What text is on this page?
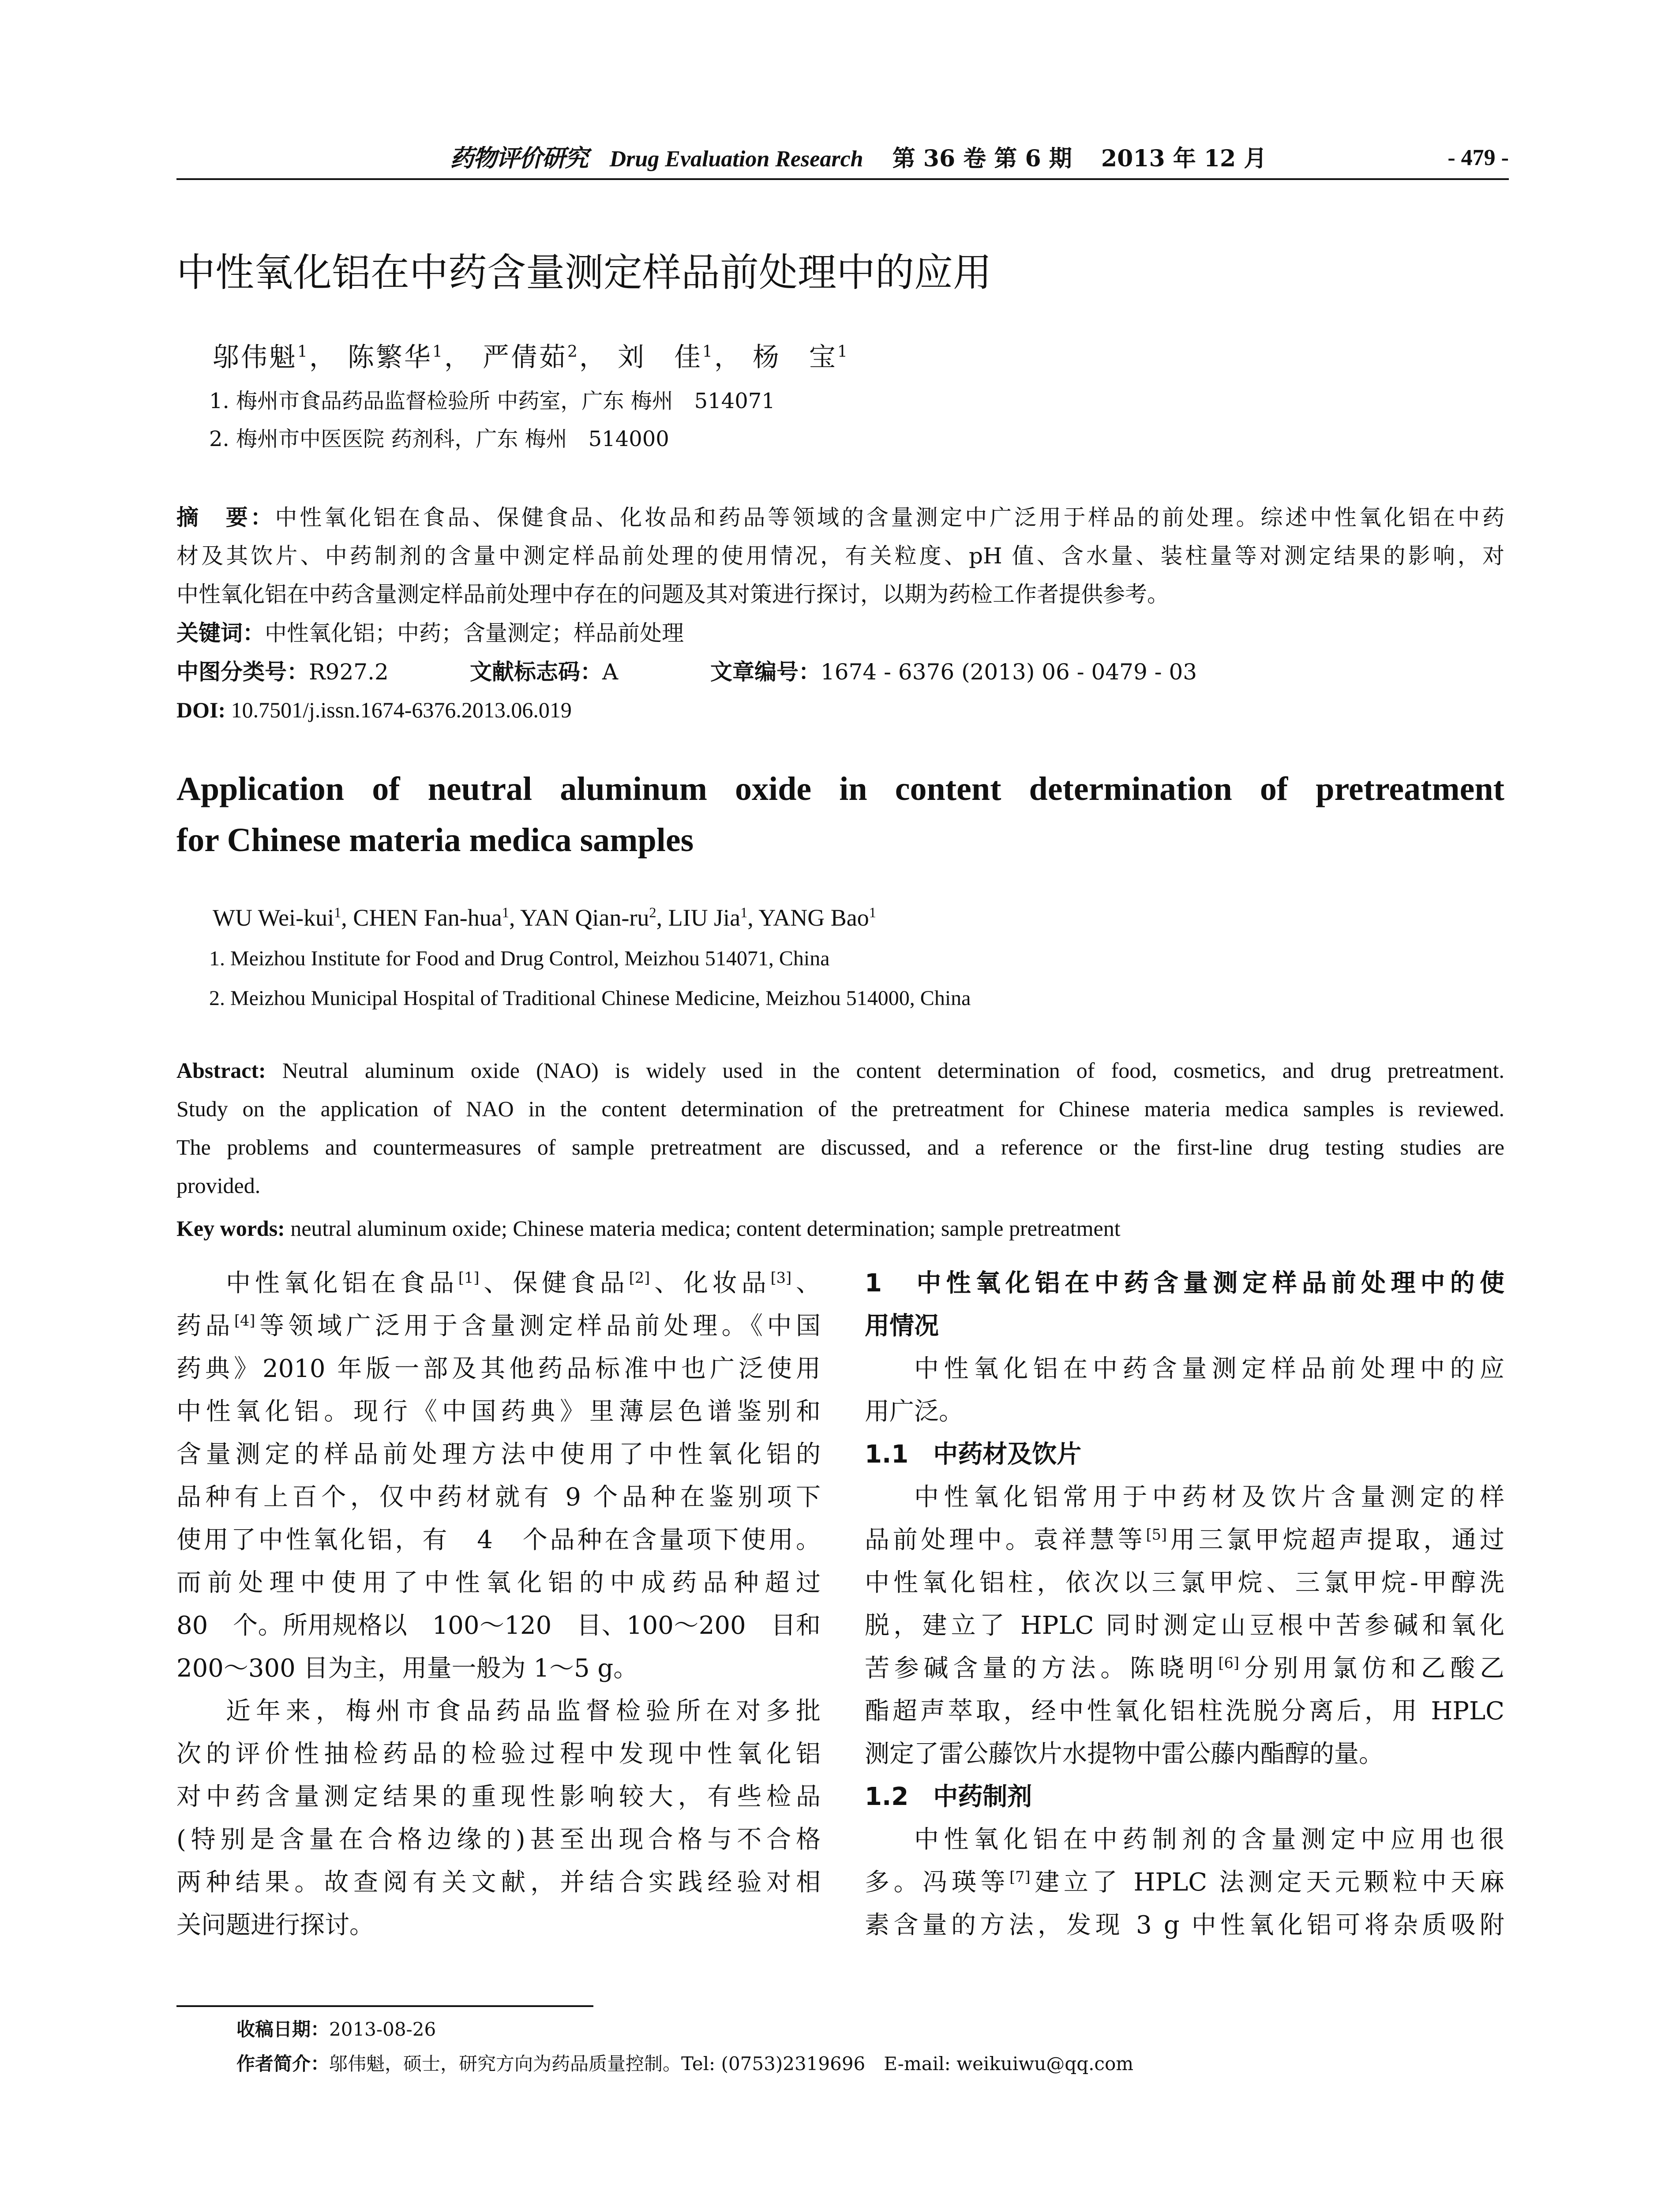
药物评价研究 Drug Evaluation Research 第 36 卷 第 6 期 2013 年 12 月	- 479 -
中性氧化铝在中药含量测定样品前处理中的应用
邬伟魁$^1$， 陈繁华$^1$， 严倩茹$^2$， 刘　佳$^1$， 杨　宝$^1$
1. 梅州市食品药品监督检验所 中药室，广东 梅州　514071
2. 梅州市中医医院 药剂科，广东 梅州　514000
摘　要：中性氧化铝在食品、保健食品、化妆品和药品等领域的含量测定中广泛用于样品的前处理。综述中性氧化铝在中药
材及其饮片、中药制剂的含量中测定样品前处理的使用情况，有关粒度、pH 值、含水量、装柱量等对测定结果的影响，对
中性氧化铝在中药含量测定样品前处理中存在的问题及其对策进行探讨，以期为药检工作者提供参考。
关键词：中性氧化铝；中药；含量测定；样品前处理
中图分类号：R927.2	文献标志码：A	文章编号：1674 - 6376 (2013) 06 - 0479 - 03
DOI: 10.7501/j.issn.1674-6376.2013.06.019
Application of neutral aluminum oxide in content determination of pretreatment
for Chinese materia medica samples
WU Wei-kui$^1$, CHEN Fan-hua$^1$, YAN Qian-$ru^2$, LIU Jia$^1$, YANG Bao$^1$
1. Meizhou Institute for Food and Drug Control, Meizhou 514071, China
2. Meizhou Municipal Hospital of Traditional Chinese Medicine, Meizhou 514000, China
Abstract: Neutral aluminum oxide (NAO) is widely used in the content determination of food, cosmetics, and drug pretreatment.
Study on the application of NAO in the content determination of the pretreatment for Chinese materia medica samples is reviewed.
The problems and countermeasures of sample pretreatment are discussed, and a reference or the first-line drug testing studies are
provided.
Key words: neutral aluminum oxide; Chinese materia medica; content determination; sample pretreatment
中性氧化铝在食品[1]、保健食品[2]、化妆品[3]、
药品[4]等领域广泛用于含量测定样品前处理。《中国
药典》2010 年版一部及其他药品标准中也广泛使用
中性氧化铝。现行《中国药典》里薄层色谱鉴别和
含量测定的样品前处理方法中使用了中性氧化铝的
品种有上百个，仅中药材就有 9 个品种在鉴别项下
使用了中性氧化铝，有　4　个品种在含量项下使用。
而前处理中使用了中性氧化铝的中成药品种超过
80　个。所用规格以　100～120　目、100～200　目和
200～300 目为主，用量一般为 1～5 g。
近年来，梅州市食品药品监督检验所在对多批
次的评价性抽检药品的检验过程中发现中性氧化铝
对中药含量测定结果的重现性影响较大，有些检品
(特别是含量在合格边缘的)甚至出现合格与不合格
两种结果。故查阅有关文献，并结合实践经验对相
关问题进行探讨。
1　中性氧化铝在中药含量测定样品前处理中的使
用情况
中性氧化铝在中药含量测定样品前处理中的应
用广泛。
1.1　中药材及饮片
中性氧化铝常用于中药材及饮片含量测定的样
品前处理中。袁祥慧等[5]用三氯甲烷超声提取，通过
中性氧化铝柱，依次以三氯甲烷、三氯甲烷-甲醇洗
脱，建立了 HPLC 同时测定山豆根中苦参碱和氧化
苦参碱含量的方法。陈晓明[6]分别用氯仿和乙酸乙
酯超声萃取，经中性氧化铝柱洗脱分离后，用 HPLC
测定了雷公藤饮片水提物中雷公藤内酯醇的量。
1.2　中药制剂
中性氧化铝在中药制剂的含量测定中应用也很
多。冯瑛等[7]建立了 HPLC 法测定天元颗粒中天麻
素含量的方法，发现 3 g 中性氧化铝可将杂质吸附
收稿日期：2013-08-26
作者简介：邬伟魁，硕士，研究方向为药品质量控制。Tel: (0753)2319696　E-mail: weikuiwu@qq.com
